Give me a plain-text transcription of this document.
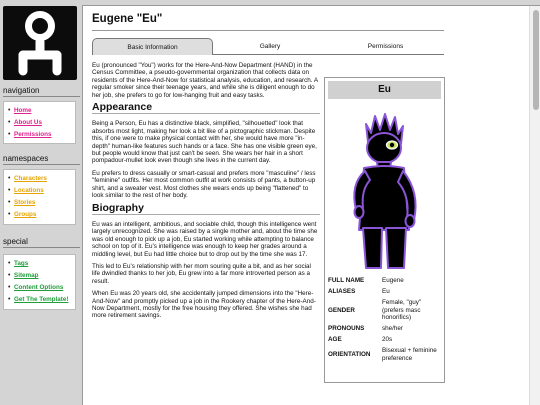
navigation
• Home
• About Us
• Permissions
namespaces
• Characters
• Locations
• Stories
• Groups
special
• Tags
• Sitemap
• Content Options
• Get The Template!
Eugene "Eu"
Basic Information	Gallery	Permissions

Eu (pronounced "You") works for the Here-And-Now Department (HAND) in the Census Committee, a pseudo-governmental organization that collects data on residents of the Here-And-Now for statistical analysis, education, and research. A regular smoker since their teenage years, and while she is diligent enough to do her job, she prefers to go for low-hanging fruit and easy tasks.

Appearance

Being a Person, Eu has a distinctive black, simplified, "silhouetted" look that absorbs most light, making her look a bit like of a pictographic stickman. Despite this, if one were to make physical contact with her, she would have more "in-depth" human-like features such hands or a face. She has one visible green eye, but people would know that just can't be seen. She wears her hair in a short pompadour-mullet look even though she lives in the current day.

Eu prefers to dress casually or smart-casual and prefers more "masculine" / less "feminine" outfits. Her most common outfit at work consists of pants, a button-up shirt, and a sweater vest. Most clothes she wears ends up being "flattened" to look similar to the rest of her body.

Biography

Eu was an intelligent, ambitious, and sociable child, though this intelligence went largely unrecognized. She was raised by a single mother and, about the time she was old enough to pick up a job, Eu started working while attempting to balance school on top of it. Eu's intelligence was enough to keep her grades around a middling level, but Eu had little choice but to drop out by the time she was 17.

This led to Eu's relationship with her mom souring quite a bit, and as her social life dwindled thanks to her job, Eu grew into a far more introverted person as a result.

When Eu was 20 years old, she accidentally jumped dimensions into the "Here-And-Now" and promptly picked up a job in the Rookery chapter of the Here-And-Now Department, mostly for the free housing they offered. She wishes she had more retirement savings.

Eu
FULL NAME	Eugene
ALIASES	Eu
GENDER	Female, "guy" (prefers masc honorifics)
PRONOUNS	she/her
AGE	20s
ORIENTATION	Bisexual + feminine preference
